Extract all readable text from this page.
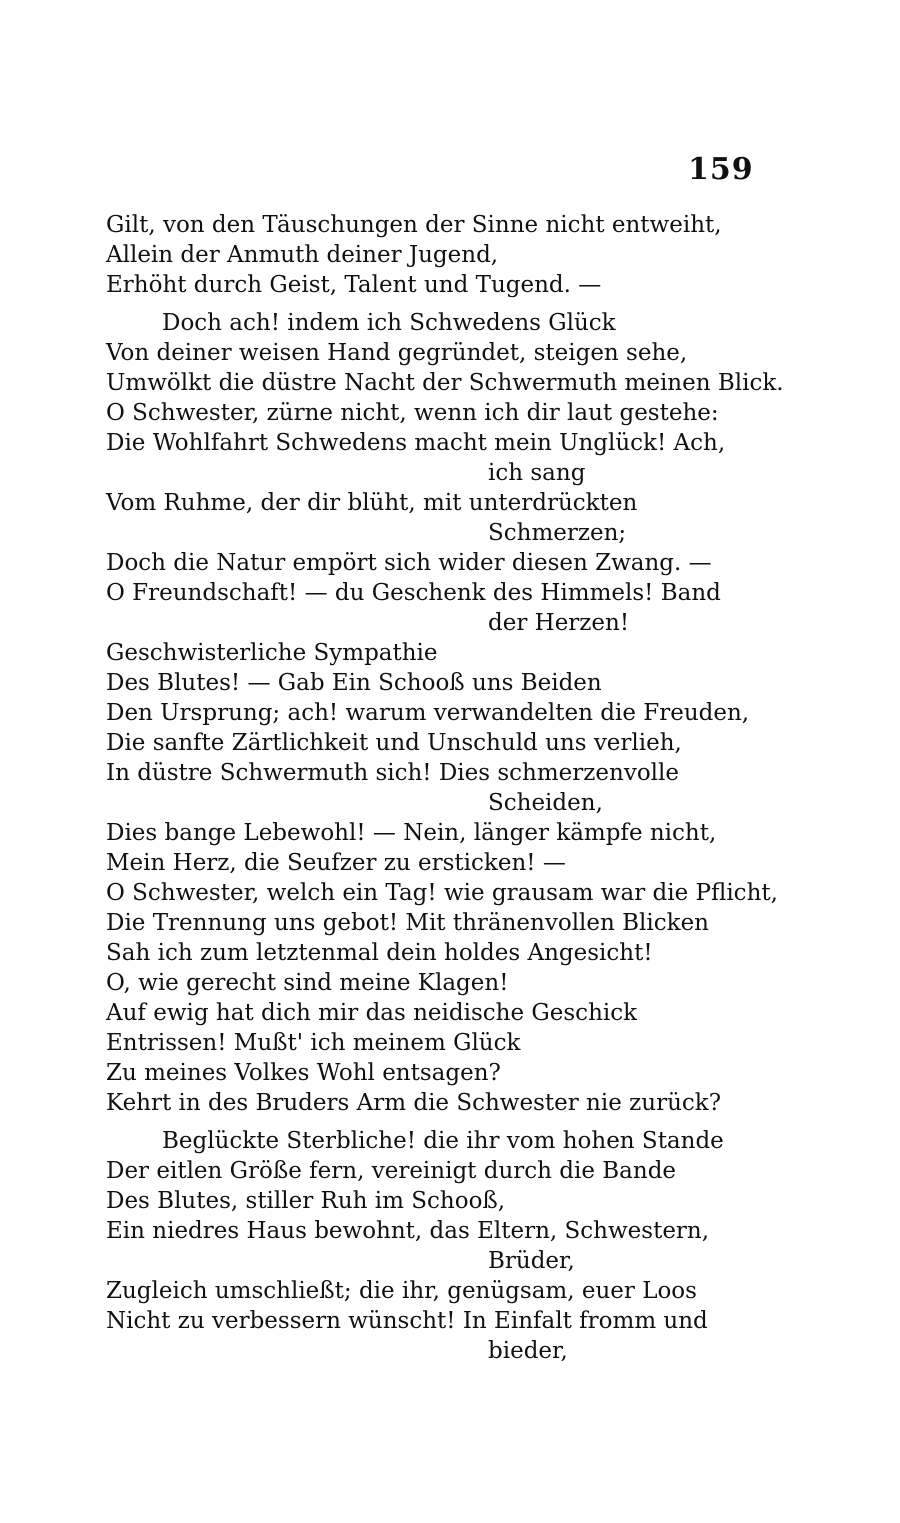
159
Gilt, von den Täuschungen der Sinne nicht entweiht,
Allein der Anmuth deiner Jugend,
Erhöht durch Geist, Talent und Tugend. —
Doch ach! indem ich Schwedens Glück
Von deiner weisen Hand gegründet, steigen sehe,
Umwölkt die düstre Nacht der Schwermuth meinen Blick.
O Schwester, zürne nicht, wenn ich dir laut gestehe:
Die Wohlfahrt Schwedens macht mein Unglück! Ach,
ich sang
Vom Ruhme, der dir blüht, mit unterdrückten
Schmerzen;
Doch die Natur empört sich wider diesen Zwang. —
O Freundschaft! — du Geschenk des Himmels! Band
der Herzen!
Geschwisterliche Sympathie
Des Blutes! — Gab Ein Schooß uns Beiden
Den Ursprung; ach! warum verwandelten die Freuden,
Die sanfte Zärtlichkeit und Unschuld uns verlieh,
In düstre Schwermuth sich! Dies schmerzenvolle
Scheiden,
Dies bange Lebewohl! — Nein, länger kämpfe nicht,
Mein Herz, die Seufzer zu ersticken! —
O Schwester, welch ein Tag! wie grausam war die Pflicht,
Die Trennung uns gebot! Mit thränenvollen Blicken
Sah ich zum letztenmal dein holdes Angesicht!
O, wie gerecht sind meine Klagen!
Auf ewig hat dich mir das neidische Geschick
Entrissen! Mußt' ich meinem Glück
Zu meines Volkes Wohl entsagen?
Kehrt in des Bruders Arm die Schwester nie zurück?
Beglückte Sterbliche! die ihr vom hohen Stande
Der eitlen Größe fern, vereinigt durch die Bande
Des Blutes, stiller Ruh im Schooß,
Ein niedres Haus bewohnt, das Eltern, Schwestern,
Brüder,
Zugleich umschließt; die ihr, genügsam, euer Loos
Nicht zu verbessern wünscht! In Einfalt fromm und
bieder,
